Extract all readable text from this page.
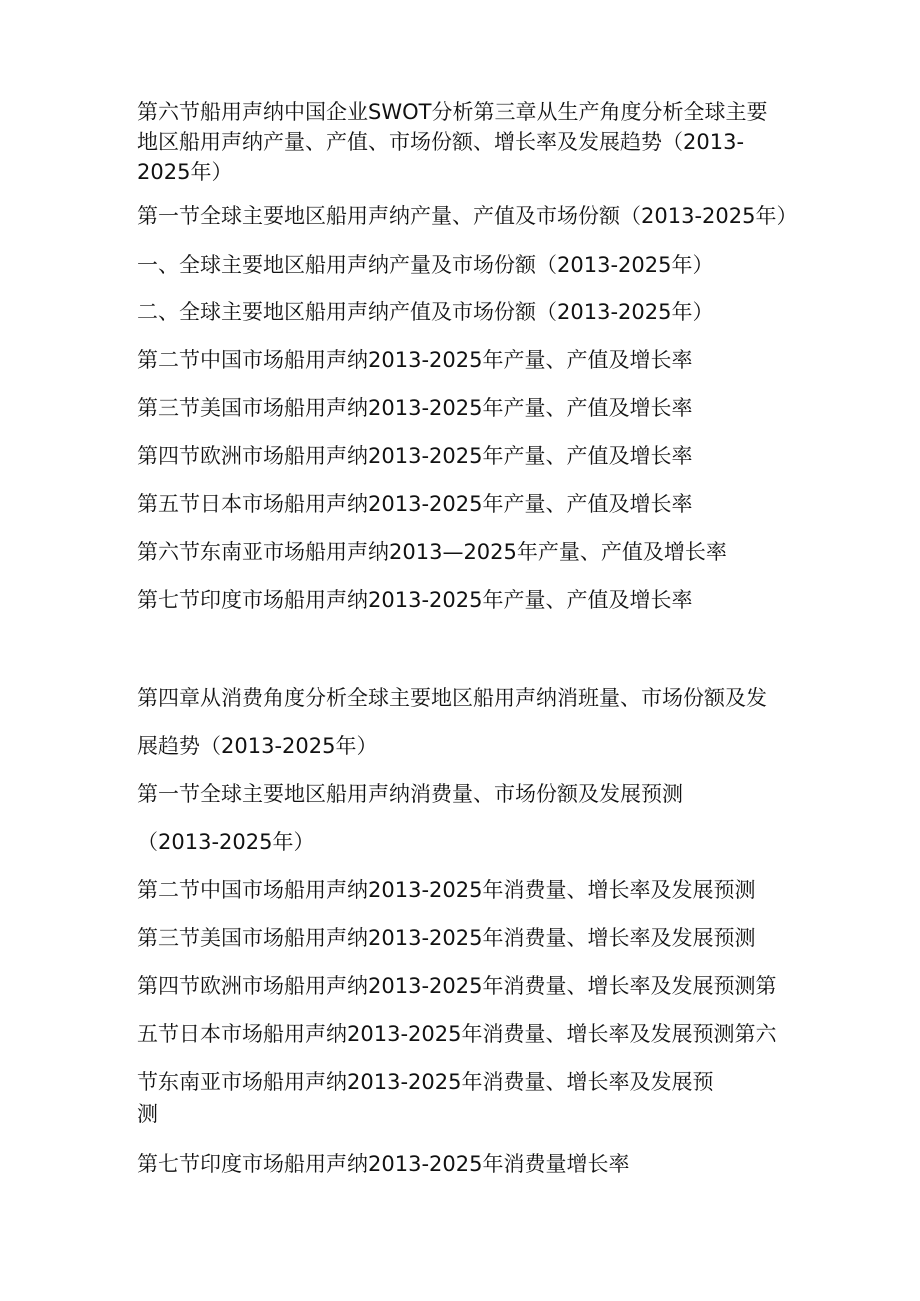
第六节船用声纳中国企业SWOT分析第三章从生产角度分析全球主要
地区船用声纳产量、产值、市场份额、增长率及发展趋势（2013-
2025年）
第一节全球主要地区船用声纳产量、产值及市场份额（2013-2025年）
一、全球主要地区船用声纳产量及市场份额（2013-2025年）
二、全球主要地区船用声纳产值及市场份额（2013-2025年）
第二节中国市场船用声纳2013-2025年产量、产值及增长率
第三节美国市场船用声纳2013-2025年产量、产值及增长率
第四节欧洲市场船用声纳2013-2025年产量、产值及增长率
第五节日本市场船用声纳2013-2025年产量、产值及增长率
第六节东南亚市场船用声纳2013—2025年产量、产值及增长率
第七节印度市场船用声纳2013-2025年产量、产值及增长率
第四章从消费角度分析全球主要地区船用声纳消班量、市场份额及发
展趋势（2013-2025年）
第一节全球主要地区船用声纳消费量、市场份额及发展预测
（2013-2025年）
第二节中国市场船用声纳2013-2025年消费量、增长率及发展预测
第三节美国市场船用声纳2013-2025年消费量、增长率及发展预测
第四节欧洲市场船用声纳2013-2025年消费量、增长率及发展预测第
五节日本市场船用声纳2013-2025年消费量、增长率及发展预测第六
节东南亚市场船用声纳2013-2025年消费量、增长率及发展预
测
第七节印度市场船用声纳2013-2025年消费量增长率
